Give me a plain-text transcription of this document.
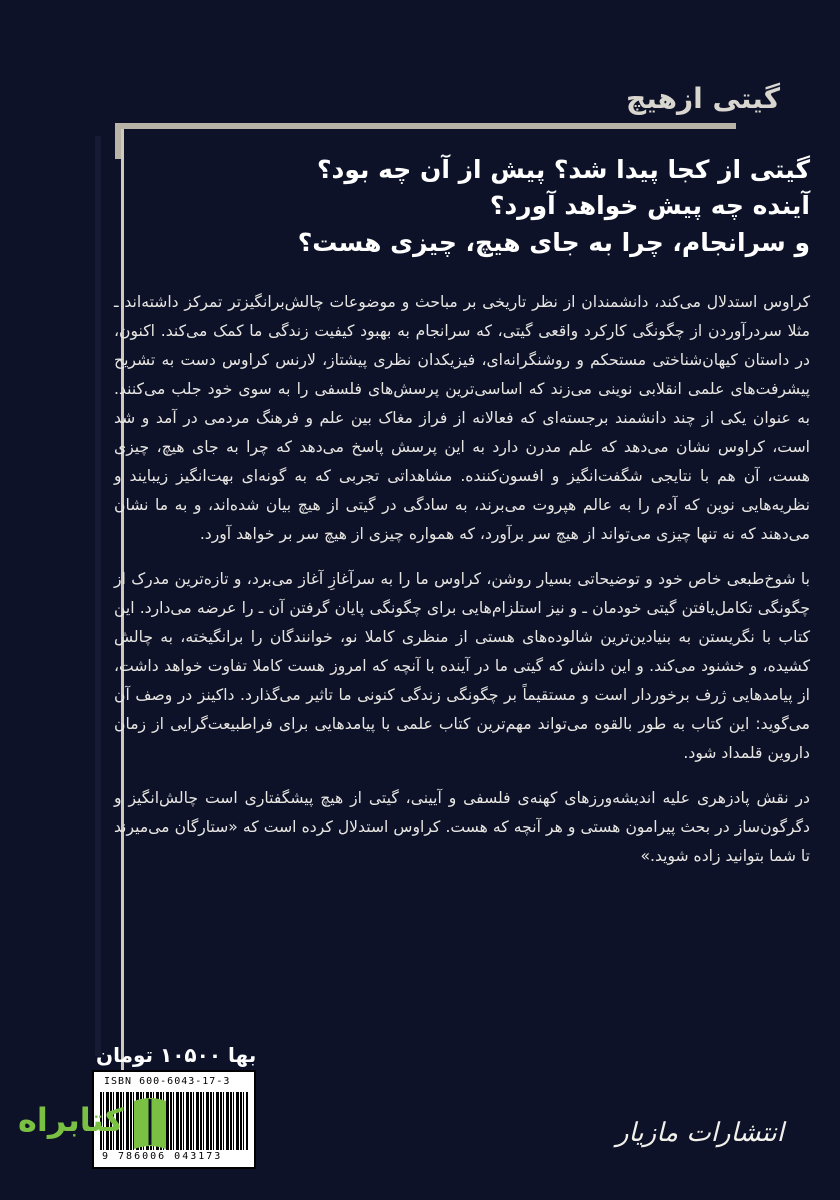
گیتی ازهیچ
گیتی از کجا پیدا شد؟ پیش از آن چه بود؟
آینده چه پیش خواهد آورد؟
و سرانجام، چرا به جای هیچ، چیزی هست؟

کراوس استدلال می‌کند، دانشمندان از نظر تاریخی بر مباحث و موضوعات چالش‌برانگیزتر تمرکز داشته‌اند ـ مثلا سردرآوردن از چگونگی کارکرد واقعی گیتی، که سرانجام به بهبود کیفیت زندگی ما کمک می‌کند. اکنون، در داستان کیهان‌شناختی مستحکم و روشنگرانه‌ای، فیزیکدان نظری پیشتاز، لارنس کراوس دست به تشریح پیشرفت‌های علمی انقلابی نوینی می‌زند که اساسی‌ترین پرسش‌های فلسفی را به سوی خود جلب می‌کنند. به عنوان یکی از چند دانشمند برجسته‌ای که فعالانه از فراز مغاک بین علم و فرهنگ مردمی در آمد و شد است، کراوس نشان می‌دهد که علم مدرن دارد به این پرسش پاسخ می‌دهد که چرا به جای هیچ، چیزی هست، آن هم با نتایجی شگفت‌انگیز و افسون‌کننده. مشاهداتی تجربی که به گونه‌ای بهت‌انگیز زیبایند و نظریه‌هایی نوین که آدم را به عالم هپروت می‌برند، به سادگی در گیتی از هیچ بیان شده‌اند، و به ما نشان می‌دهند که نه تنها چیزی می‌تواند از هیچ سر برآورد، که همواره چیزی از هیچ سر بر خواهد آورد.

با شوخ‌طبعی خاص خود و توضیحاتی بسیار روشن، کراوس ما را به سرآغازِ آغاز می‌برد، و تازه‌ترین مدرک از چگونگی تکامل‌یافتن گیتی خودمان ـ و نیز استلزام‌هایی برای چگونگی پایان گرفتن آن ـ را عرضه می‌دارد. این کتاب با نگریستن به بنیادین‌ترین شالوده‌های هستی از منظری کاملا نو، خوانندگان را برانگیخته، به چالش کشیده، و خشنود می‌کند. و این دانش که گیتی ما در آینده با آنچه که امروز هست کاملا تفاوت خواهد داشت، از پیامدهایی ژرف برخوردار است و مستقیماً بر چگونگی زندگی کنونی ما تاثیر می‌گذارد. داکینز در وصف آن می‌گوید: این کتاب به طور بالقوه می‌تواند مهم‌ترین کتاب علمی با پیامدهایی برای فراطبیعت‌گرایی از زمان داروین قلمداد شود.

در نقش پادزهری علیه اندیشه‌ورزهای کهنه‌ی فلسفی و آیینی، گیتی از هیچ پیشگفتاری است چالش‌انگیز و دگرگون‌ساز در بحث پیرامون هستی و هر آنچه که هست. کراوس استدلال کرده است که «ستارگان می‌میرند تا شما بتوانید زاده شوید.»

بها ۱۰۵۰۰ تومان
ISBN 600-6043-17-3
9 786006 043173
کتابراه	انتشارات مازیار
